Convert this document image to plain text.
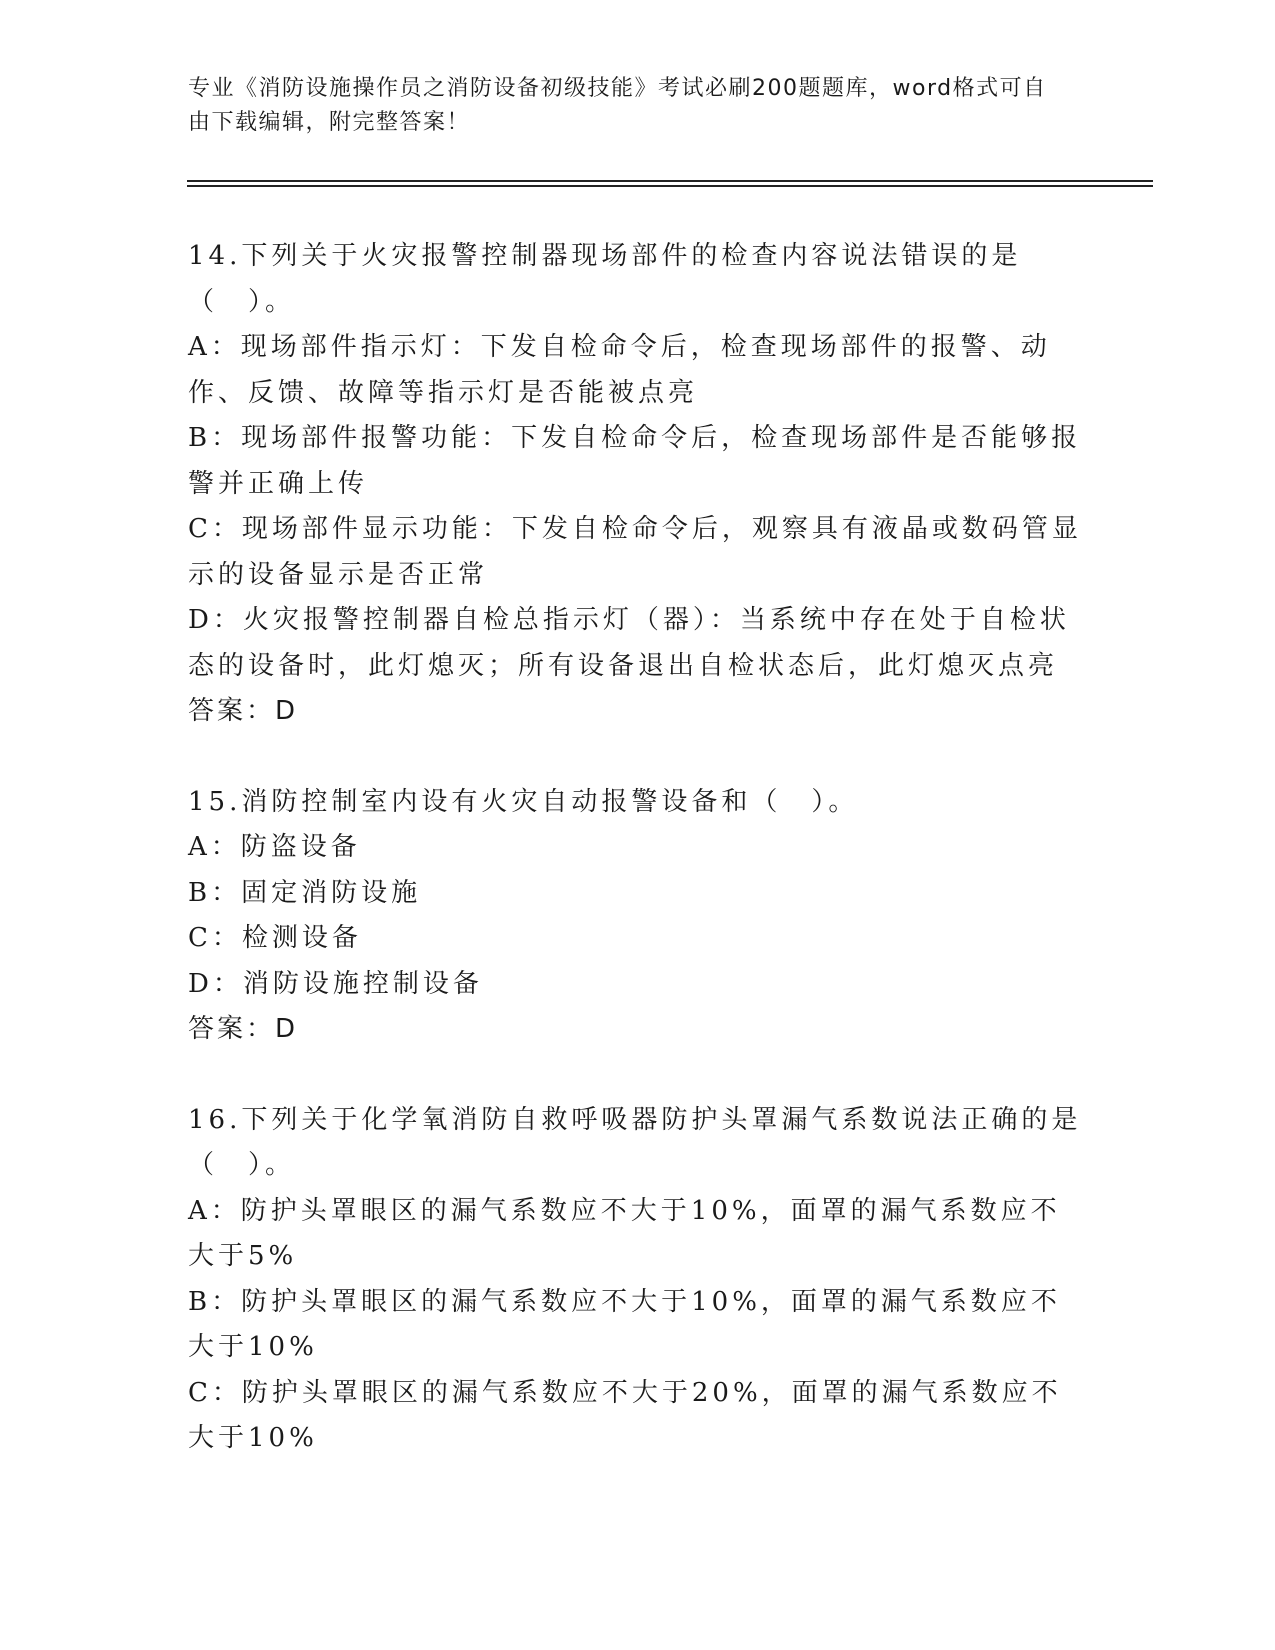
专业《消防设施操作员之消防设备初级技能》考试必刷200题题库，word格式可自由下载编辑，附完整答案！

14.下列关于火灾报警控制器现场部件的检查内容说法错误的是（　）。

A：现场部件指示灯：下发自检命令后，检查现场部件的报警、动作、反馈、故障等指示灯是否能被点亮

B：现场部件报警功能：下发自检命令后，检查现场部件是否能够报警并正确上传

C：现场部件显示功能：下发自检命令后，观察具有液晶或数码管显示的设备显示是否正常

D：火灾报警控制器自检总指示灯（器）：当系统中存在处于自检状态的设备时，此灯熄灭；所有设备退出自检状态后，此灯熄灭点亮

答案：D

15.消防控制室内设有火灾自动报警设备和（　）。

A：防盗设备

B：固定消防设施

C：检测设备

D：消防设施控制设备

答案：D

16.下列关于化学氧消防自救呼吸器防护头罩漏气系数说法正确的是（　）。

A：防护头罩眼区的漏气系数应不大于10%，面罩的漏气系数应不大于5%

B：防护头罩眼区的漏气系数应不大于10%，面罩的漏气系数应不大于10%

C：防护头罩眼区的漏气系数应不大于20%，面罩的漏气系数应不大于10%
